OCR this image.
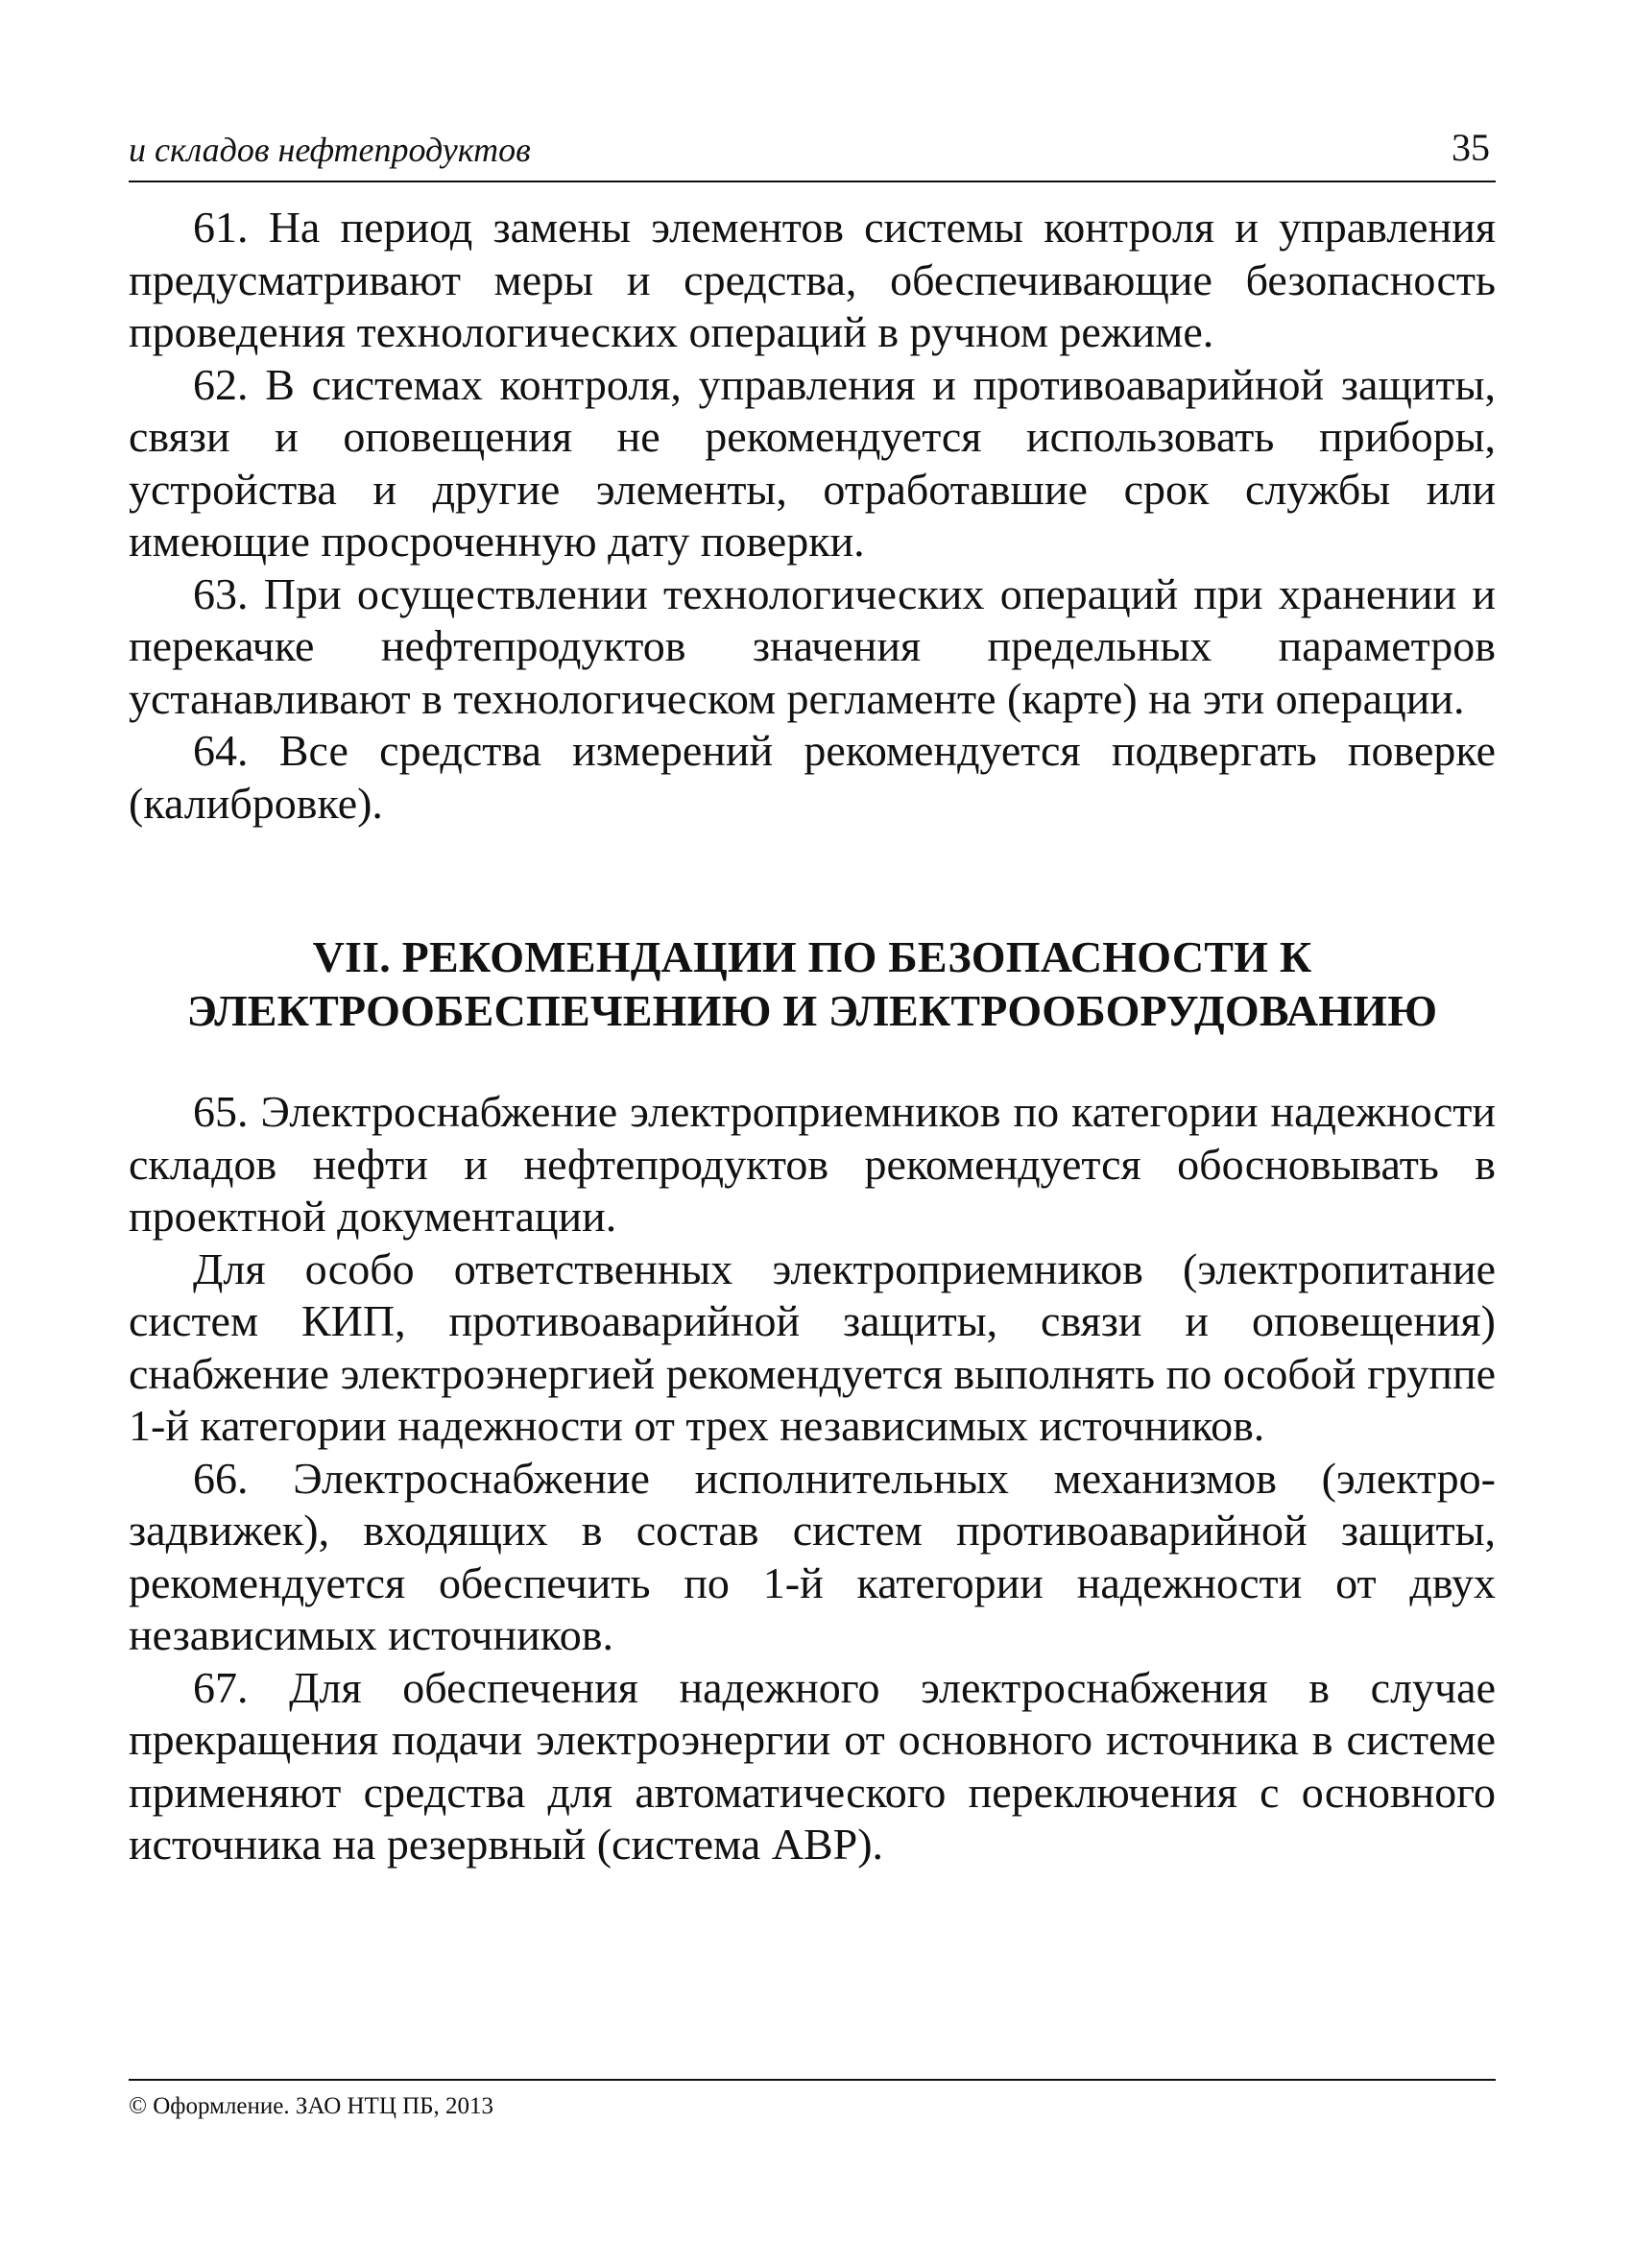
и складов нефтепродуктов	35

61. На период замены элементов системы контроля и управления предусматривают меры и средства, обеспечивающие безопасность проведения технологических операций в ручном режиме.

62. В системах контроля, управления и противоаварийной защиты, связи и оповещения не рекомендуется использовать приборы, устройства и другие элементы, отработавшие срок службы или имеющие просроченную дату поверки.

63. При осуществлении технологических операций при хранении и перекачке нефтепродуктов значения предельных параметров устанавливают в технологическом регламенте (карте) на эти операции.

64. Все средства измерений рекомендуется подвергать поверке (калибровке).

VII. РЕКОМЕНДАЦИИ ПО БЕЗОПАСНОСТИ К
ЭЛЕКТРООБЕСПЕЧЕНИЮ И ЭЛЕКТРООБОРУДОВАНИЮ

65. Электроснабжение электроприемников по категории надежности складов нефти и нефтепродуктов рекомендуется обосновывать в проектной документации.

Для особо ответственных электроприемников (электропитание систем КИП, противоаварийной защиты, связи и оповещения) снабжение электроэнергией рекомендуется выполнять по особой группе 1-й категории надежности от трех независимых источников.

66. Электроснабжение исполнительных механизмов (электрозадвижек), входящих в состав систем противоаварийной защиты, рекомендуется обеспечить по 1-й категории надежности от двух независимых источников.

67. Для обеспечения надежного электроснабжения в случае прекращения подачи электроэнергии от основного источника в системе применяют средства для автоматического переключения с основного источника на резервный (система АВР).

© Оформление. ЗАО НТЦ ПБ, 2013
